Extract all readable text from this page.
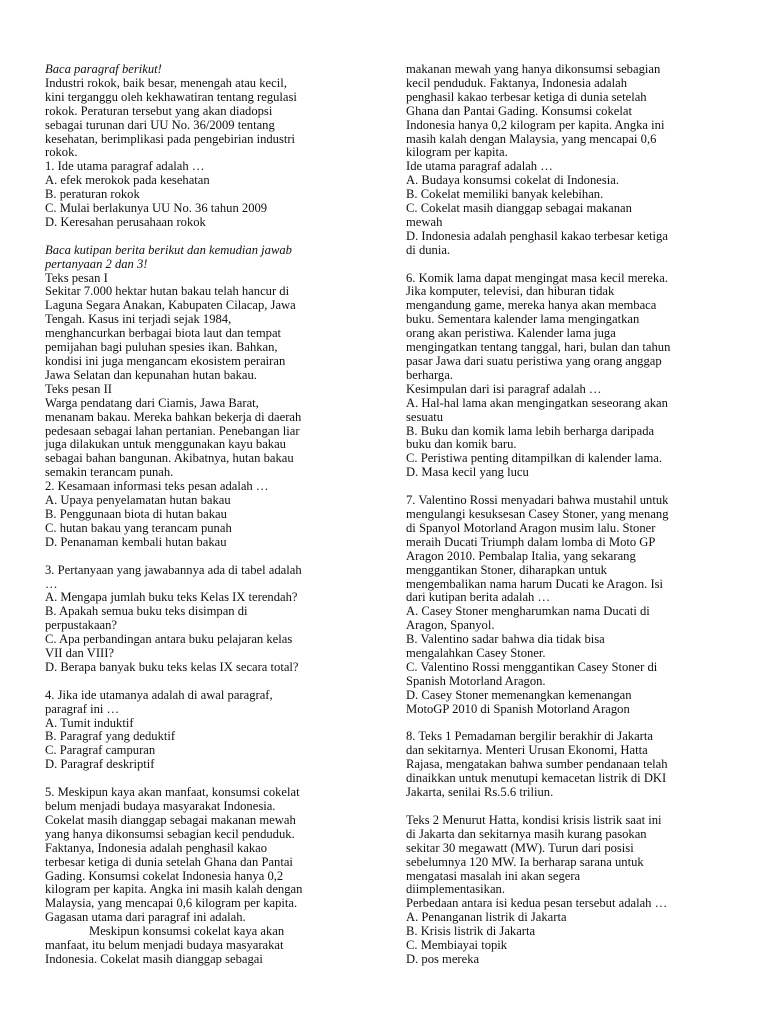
Baca paragraf berikut!
Industri rokok, baik besar, menengah atau kecil,
kini terganggu oleh kekhawatiran tentang regulasi
rokok. Peraturan tersebut yang akan diadopsi
sebagai turunan dari UU No. 36/2009 tentang
kesehatan, berimplikasi pada pengebirian industri
rokok.
1. Ide utama paragraf adalah …
A. efek merokok pada kesehatan
B. peraturan rokok
C. Mulai berlakunya UU No. 36 tahun 2009
D. Keresahan perusahaan rokok
Baca kutipan berita berikut dan kemudian jawab
pertanyaan 2 dan 3!
Teks pesan I
Sekitar 7.000 hektar hutan bakau telah hancur di
Laguna Segara Anakan, Kabupaten Cilacap, Jawa
Tengah. Kasus ini terjadi sejak 1984,
menghancurkan berbagai biota laut dan tempat
pemijahan bagi puluhan spesies ikan. Bahkan,
kondisi ini juga mengancam ekosistem perairan
Jawa Selatan dan kepunahan hutan bakau.
Teks pesan II
Warga pendatang dari Ciamis, Jawa Barat,
menanam bakau. Mereka bahkan bekerja di daerah
pedesaan sebagai lahan pertanian. Penebangan liar
juga dilakukan untuk menggunakan kayu bakau
sebagai bahan bangunan. Akibatnya, hutan bakau
semakin terancam punah.
2. Kesamaan informasi teks pesan adalah …
A. Upaya penyelamatan hutan bakau
B. Penggunaan biota di hutan bakau
C. hutan bakau yang terancam punah
D. Penanaman kembali hutan bakau
3. Pertanyaan yang jawabannya ada di tabel adalah
…
A. Mengapa jumlah buku teks Kelas IX terendah?
B. Apakah semua buku teks disimpan di
perpustakaan?
C. Apa perbandingan antara buku pelajaran kelas
VII dan VIII?
D. Berapa banyak buku teks kelas IX secara total?
4. Jika ide utamanya adalah di awal paragraf,
paragraf ini …
A. Tumit induktif
B. Paragraf yang deduktif
C. Paragraf campuran
D. Paragraf deskriptif
5. Meskipun kaya akan manfaat, konsumsi cokelat
belum menjadi budaya masyarakat Indonesia.
Cokelat masih dianggap sebagai makanan mewah
yang hanya dikonsumsi sebagian kecil penduduk.
Faktanya, Indonesia adalah penghasil kakao
terbesar ketiga di dunia setelah Ghana dan Pantai
Gading. Konsumsi cokelat Indonesia hanya 0,2
kilogram per kapita. Angka ini masih kalah dengan
Malaysia, yang mencapai 0,6 kilogram per kapita.
Gagasan utama dari paragraf ini adalah.
Meskipun konsumsi cokelat kaya akan
manfaat, itu belum menjadi budaya masyarakat
Indonesia. Cokelat masih dianggap sebagai
makanan mewah yang hanya dikonsumsi sebagian
kecil penduduk. Faktanya, Indonesia adalah
penghasil kakao terbesar ketiga di dunia setelah
Ghana dan Pantai Gading. Konsumsi cokelat
Indonesia hanya 0,2 kilogram per kapita. Angka ini
masih kalah dengan Malaysia, yang mencapai 0,6
kilogram per kapita.
Ide utama paragraf adalah …
A. Budaya konsumsi cokelat di Indonesia.
B. Cokelat memiliki banyak kelebihan.
C. Cokelat masih dianggap sebagai makanan
mewah
D. Indonesia adalah penghasil kakao terbesar ketiga
di dunia.
6. Komik lama dapat mengingat masa kecil mereka.
Jika komputer, televisi, dan hiburan tidak
mengandung game, mereka hanya akan membaca
buku. Sementara kalender lama mengingatkan
orang akan peristiwa. Kalender lama juga
mengingatkan tentang tanggal, hari, bulan dan tahun
pasar Jawa dari suatu peristiwa yang orang anggap
berharga.
Kesimpulan dari isi paragraf adalah …
A. Hal-hal lama akan mengingatkan seseorang akan
sesuatu
B. Buku dan komik lama lebih berharga daripada
buku dan komik baru.
C. Peristiwa penting ditampilkan di kalender lama.
D. Masa kecil yang lucu
7. Valentino Rossi menyadari bahwa mustahil untuk
mengulangi kesuksesan Casey Stoner, yang menang
di Spanyol Motorland Aragon musim lalu. Stoner
meraih Ducati Triumph dalam lomba di Moto GP
Aragon 2010. Pembalap Italia, yang sekarang
menggantikan Stoner, diharapkan untuk
mengembalikan nama harum Ducati ke Aragon. Isi
dari kutipan berita adalah …
A. Casey Stoner mengharumkan nama Ducati di
Aragon, Spanyol.
B. Valentino sadar bahwa dia tidak bisa
mengalahkan Casey Stoner.
C. Valentino Rossi menggantikan Casey Stoner di
Spanish Motorland Aragon.
D. Casey Stoner memenangkan kemenangan
MotoGP 2010 di Spanish Motorland Aragon
8. Teks 1 Pemadaman bergilir berakhir di Jakarta
dan sekitarnya. Menteri Urusan Ekonomi, Hatta
Rajasa, mengatakan bahwa sumber pendanaan telah
dinaikkan untuk menutupi kemacetan listrik di DKI
Jakarta, senilai Rs.5.6 triliun.
Teks 2 Menurut Hatta, kondisi krisis listrik saat ini
di Jakarta dan sekitarnya masih kurang pasokan
sekitar 30 megawatt (MW). Turun dari posisi
sebelumnya 120 MW. Ia berharap sarana untuk
mengatasi masalah ini akan segera
diimplementasikan.
Perbedaan antara isi kedua pesan tersebut adalah …
A. Penanganan listrik di Jakarta
B. Krisis listrik di Jakarta
C. Membiayai topik
D. pos mereka
